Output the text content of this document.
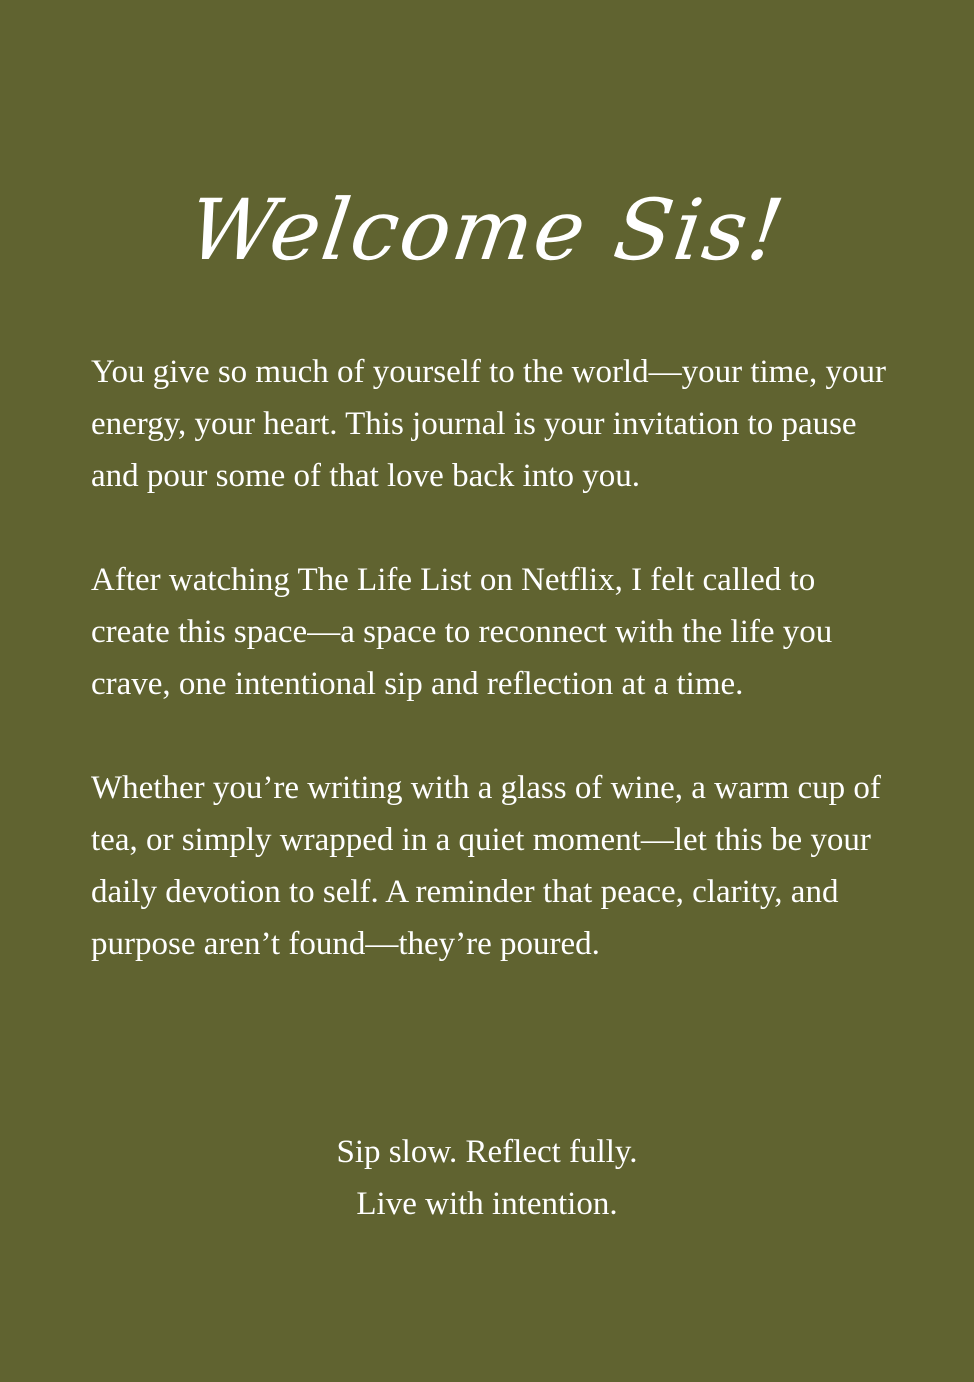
Welcome Sis!

You give so much of yourself to the world—your time, your energy, your heart. This journal is your invitation to pause and pour some of that love back into you.

After watching The Life List on Netflix, I felt called to create this space—a space to reconnect with the life you crave, one intentional sip and reflection at a time.

Whether you’re writing with a glass of wine, a warm cup of tea, or simply wrapped in a quiet moment—let this be your daily devotion to self. A reminder that peace, clarity, and purpose aren’t found—they’re poured.

Sip slow. Reflect fully.
Live with intention.
